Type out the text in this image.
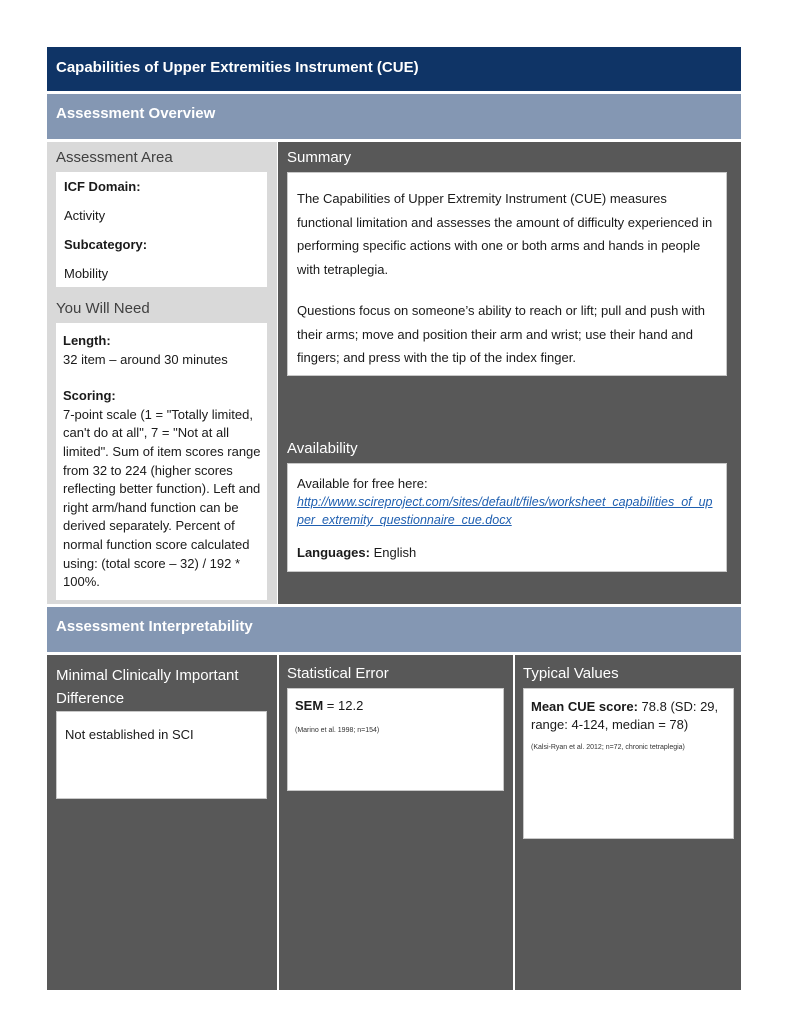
Capabilities of Upper Extremities Instrument (CUE)
Assessment Overview
Assessment Area
ICF Domain:
Activity
Subcategory:
Mobility
You Will Need
Length:
32 item – around 30 minutes
Scoring:
7-point scale (1 = "Totally limited, can't do at all", 7 = "Not at all limited". Sum of item scores range from 32 to 224 (higher scores reflecting better function). Left and right arm/hand function can be derived separately. Percent of normal function score calculated using: (total score – 32) / 192 * 100%.
Summary
The Capabilities of Upper Extremity Instrument (CUE) measures functional limitation and assesses the amount of difficulty experienced in performing specific actions with one or both arms and hands in people with tetraplegia.
Questions focus on someone’s ability to reach or lift; pull and push with their arms; move and position their arm and wrist; use their hand and fingers; and press with the tip of the index finger.
Availability
Available for free here:
http://www.scireproject.com/sites/default/files/worksheet_capabilities_of_upper_extremity_questionnaire_cue.docx
Languages: English
Assessment Interpretability
Minimal Clinically Important Difference
Not established in SCI
Statistical Error
SEM = 12.2
(Marino et al. 1998; n=154)
Typical Values
Mean CUE score: 78.8 (SD: 29, range: 4-124, median = 78)
(Kalsi-Ryan et al. 2012; n=72, chronic tetraplegia)
